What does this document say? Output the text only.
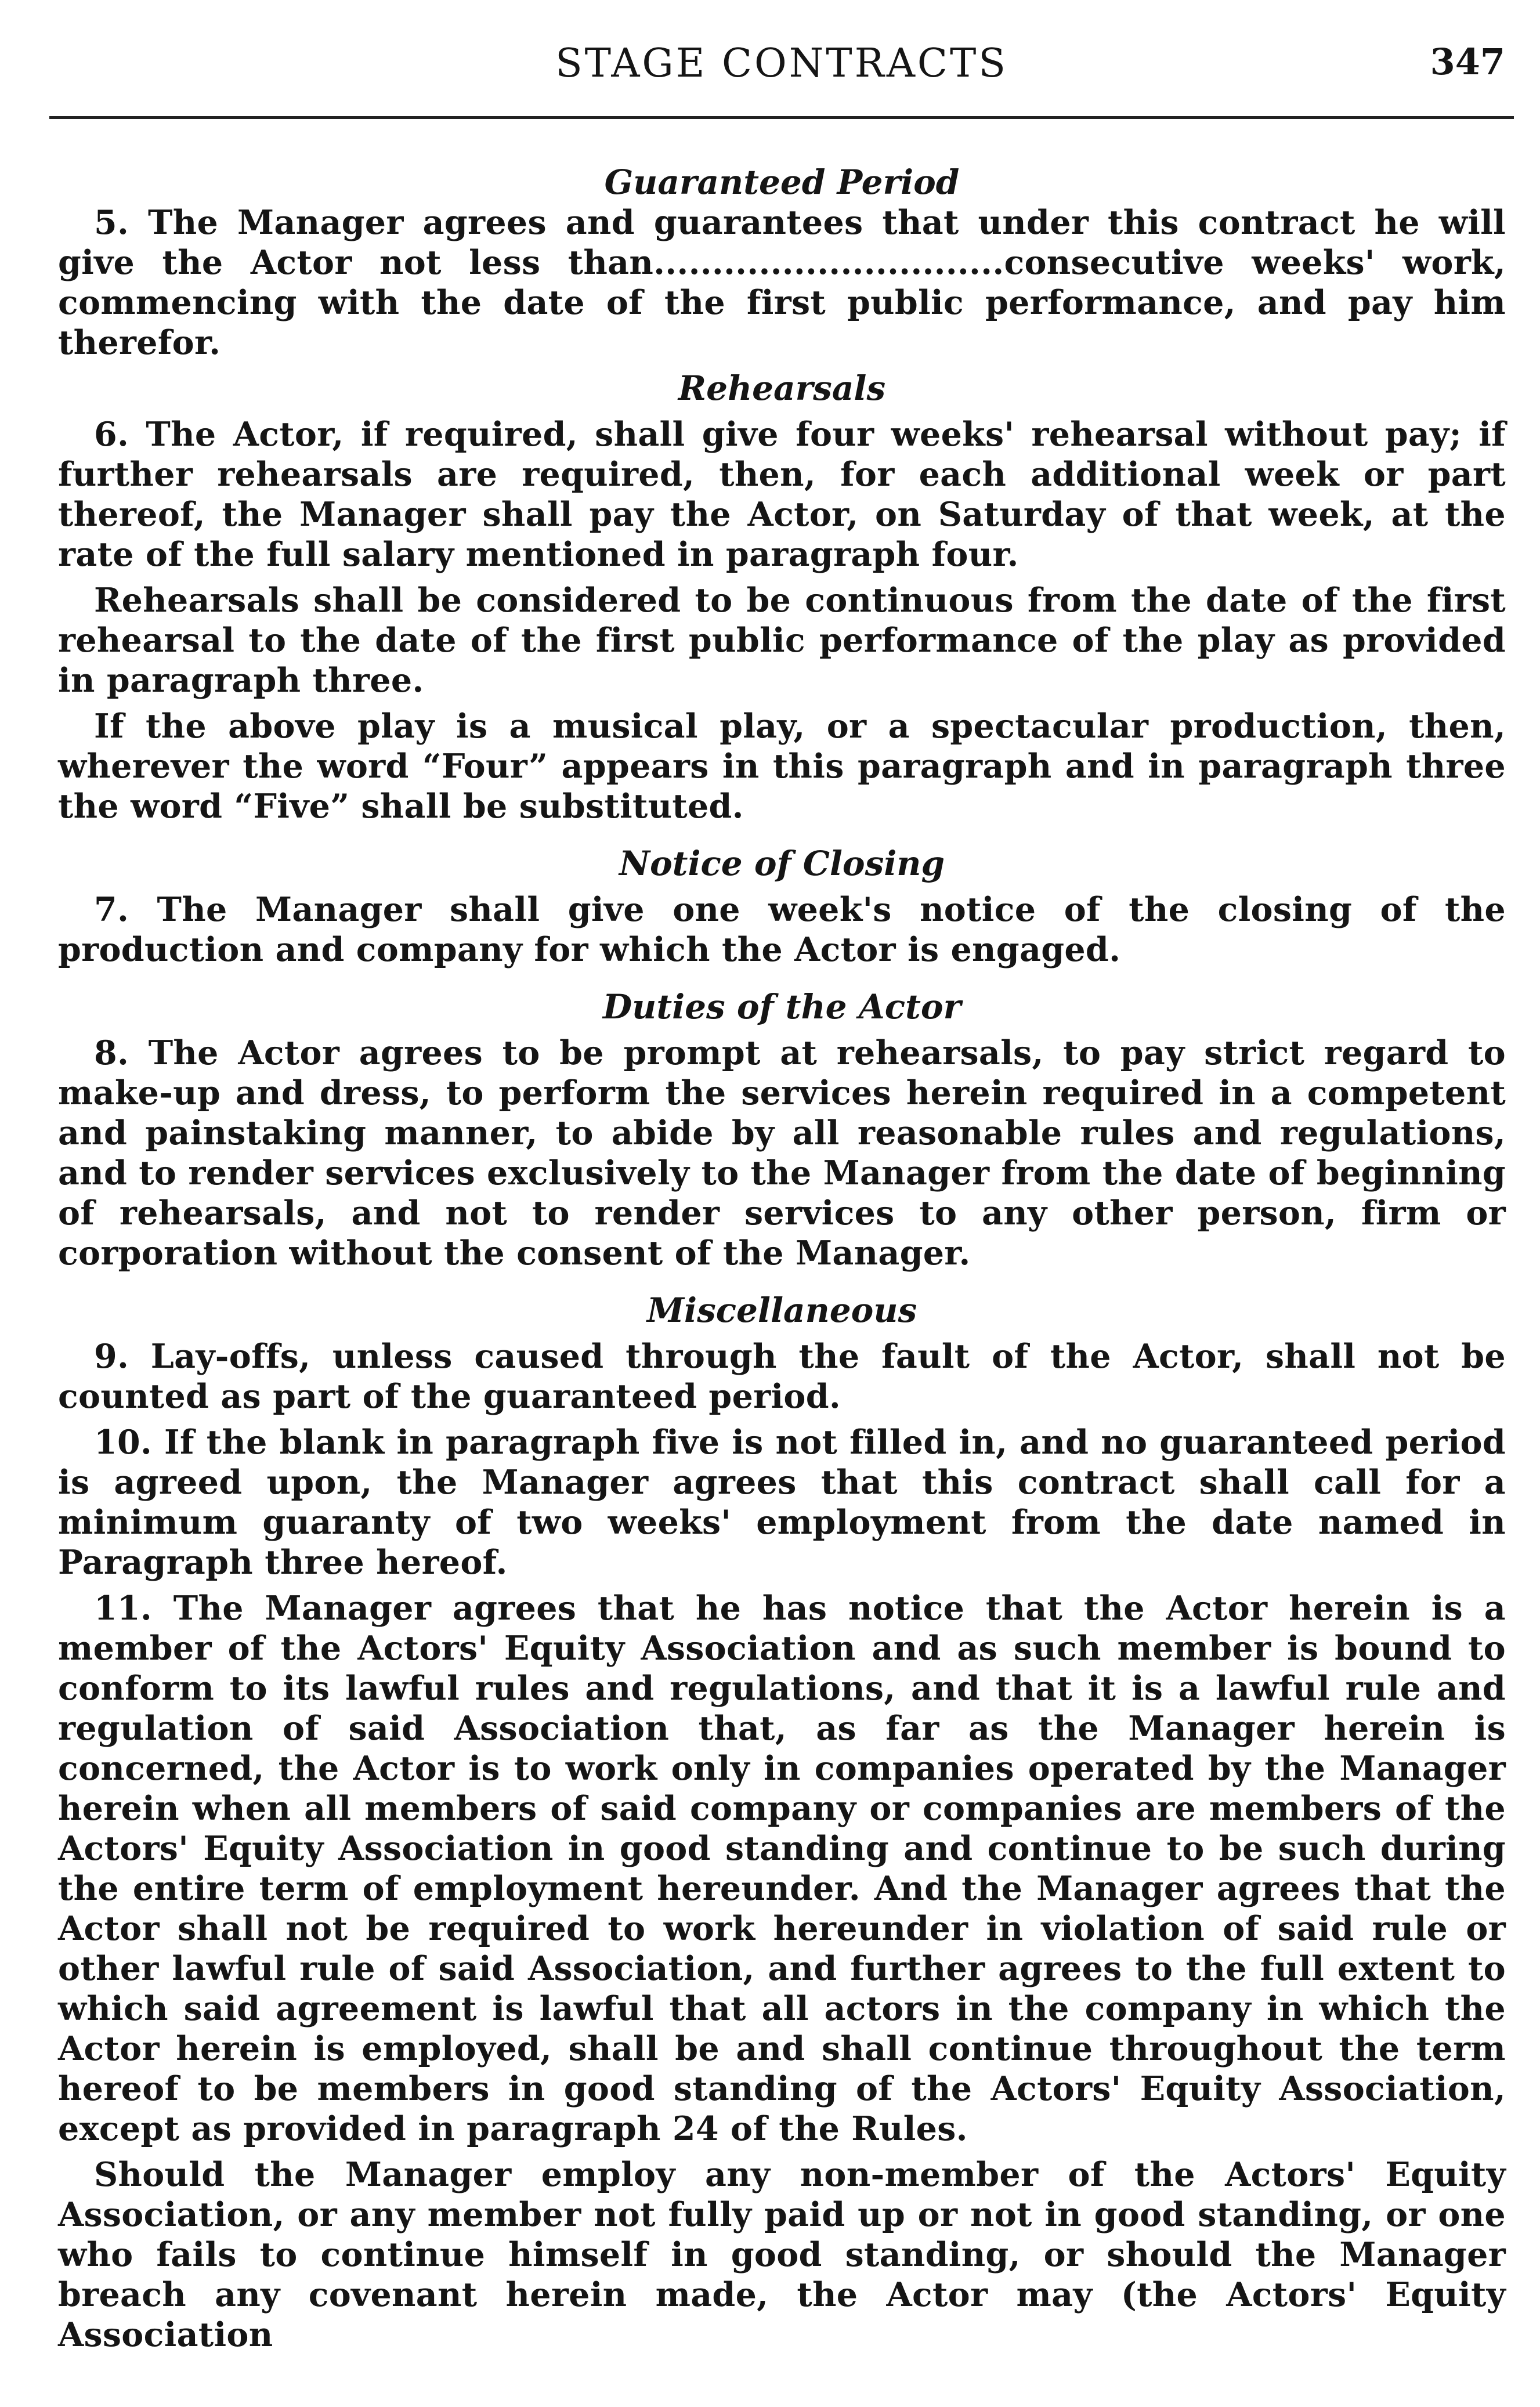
STAGE CONTRACTS	347
Guaranteed Period

5. The Manager agrees and guarantees that under this contract he will give the Actor not less than..............................consecutive weeks' work, commencing with the date of the first public performance, and pay him therefor.

Rehearsals

6. The Actor, if required, shall give four weeks' rehearsal without pay; if further rehearsals are required, then, for each additional week or part thereof, the Manager shall pay the Actor, on Saturday of that week, at the rate of the full salary mentioned in paragraph four.

Rehearsals shall be considered to be continuous from the date of the first rehearsal to the date of the first public performance of the play as provided in paragraph three.

If the above play is a musical play, or a spectacular production, then, wherever the word “Four” appears in this paragraph and in paragraph three the word “Five” shall be substituted.

Notice of Closing

7. The Manager shall give one week's notice of the closing of the production and company for which the Actor is engaged.

Duties of the Actor

8. The Actor agrees to be prompt at rehearsals, to pay strict regard to make-up and dress, to perform the services herein required in a competent and painstaking manner, to abide by all reasonable rules and regulations, and to render services exclusively to the Manager from the date of beginning of rehearsals, and not to render services to any other person, firm or corporation without the consent of the Manager.

Miscellaneous

9. Lay-offs, unless caused through the fault of the Actor, shall not be counted as part of the guaranteed period.

10. If the blank in paragraph five is not filled in, and no guaranteed period is agreed upon, the Manager agrees that this contract shall call for a minimum guaranty of two weeks' employment from the date named in Paragraph three hereof.

11. The Manager agrees that he has notice that the Actor herein is a member of the Actors' Equity Association and as such member is bound to conform to its lawful rules and regulations, and that it is a lawful rule and regulation of said Association that, as far as the Manager herein is concerned, the Actor is to work only in companies operated by the Manager herein when all members of said company or companies are members of the Actors' Equity Association in good standing and continue to be such during the entire term of employment hereunder. And the Manager agrees that the Actor shall not be required to work hereunder in violation of said rule or other lawful rule of said Association, and further agrees to the full extent to which said agreement is lawful that all actors in the company in which the Actor herein is employed, shall be and shall continue throughout the term hereof to be members in good standing of the Actors' Equity Association, except as provided in paragraph 24 of the Rules.

Should the Manager employ any non-member of the Actors' Equity Association, or any member not fully paid up or not in good standing, or one who fails to continue himself in good standing, or should the Manager breach any covenant herein made, the Actor may (the Actors' Equity Association
